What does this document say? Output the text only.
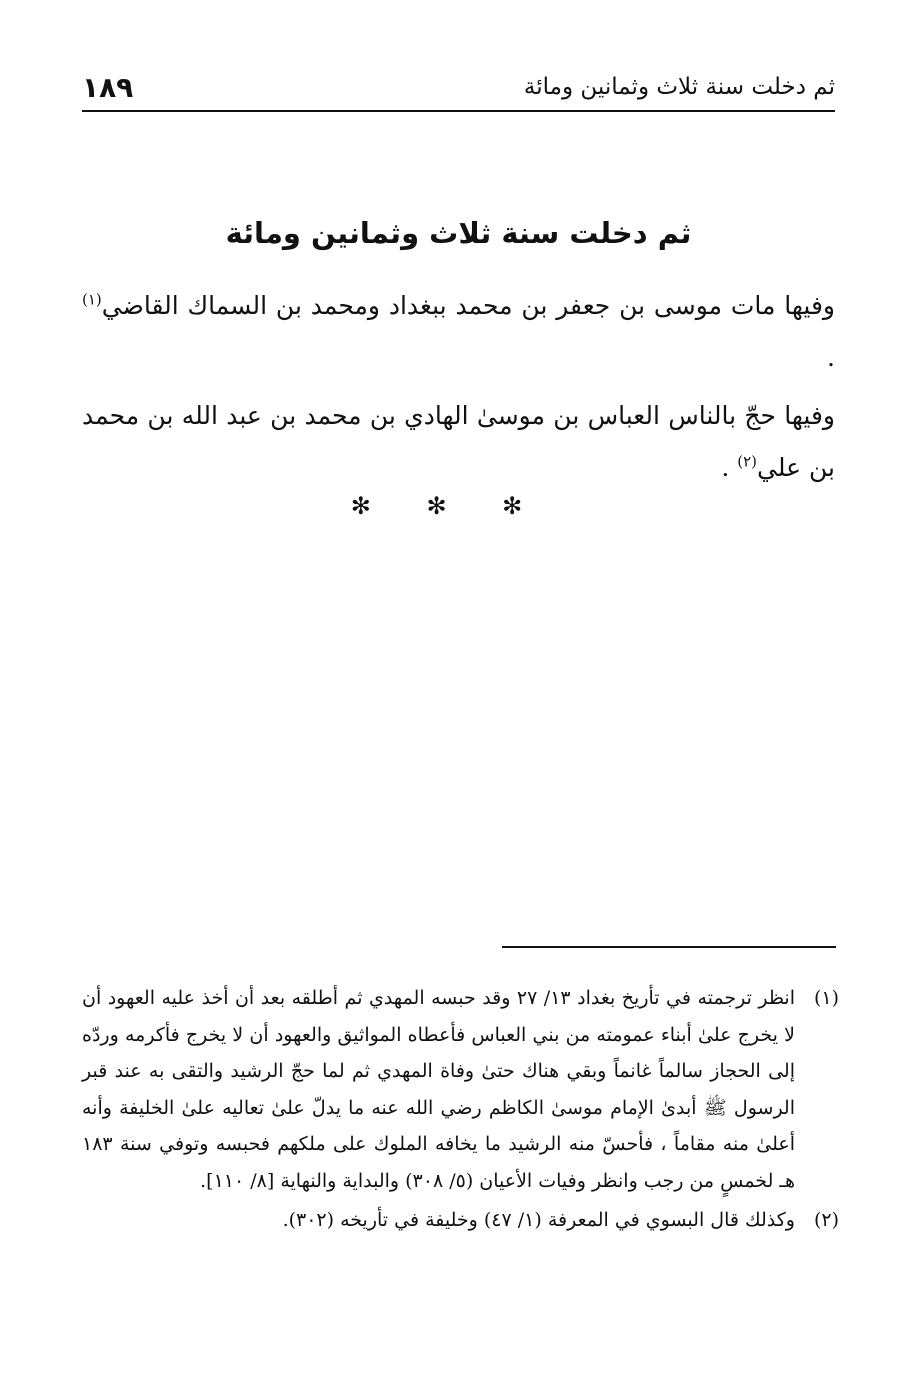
ثم دخلت سنة ثلاث وثمانين ومائة
١٨٩
ثم دخلت سنة ثلاث وثمانين ومائة

وفيها مات موسى بن جعفر بن محمد ببغداد ومحمد بن السماك القاضي$^{(١)}$ .

وفيها حجّ بالناس العباس بن موسىٰ الهادي بن محمد بن عبد الله بن محمد بن علي$^{(٢)}$ .

✻ ✻ ✻
(١)
انظر ترجمته في تأريخ بغداد ١٣/ ٢٧ وقد حبسه المهدي ثم أطلقه بعد أن أخذ عليه العهود أن لا يخرج علىٰ أبناء عمومته من بني العباس فأعطاه المواثيق والعهود أن لا يخرج فأكرمه وردّه إلى الحجاز سالماً غانماً وبقي هناك حتىٰ وفاة المهدي ثم لما حجّ الرشيد والتقى به عند قبر الرسول ﷺ أبدىٰ الإمام موسىٰ الكاظم رضي الله عنه ما يدلّ علىٰ تعاليه علىٰ الخليفة وأنه أعلىٰ منه مقاماً ، فأحسّ منه الرشيد ما يخافه الملوك على ملكهم فحبسه وتوفي سنة ١٨٣ هـ لخمسٍ من رجب وانظر وفيات الأعيان (٥/ ٣٠٨) والبداية والنهاية [٨/ ١١٠].
(٢)
وكذلك قال البسوي في المعرفة (١/ ٤٧) وخليفة في تأريخه (٣٠٢).
